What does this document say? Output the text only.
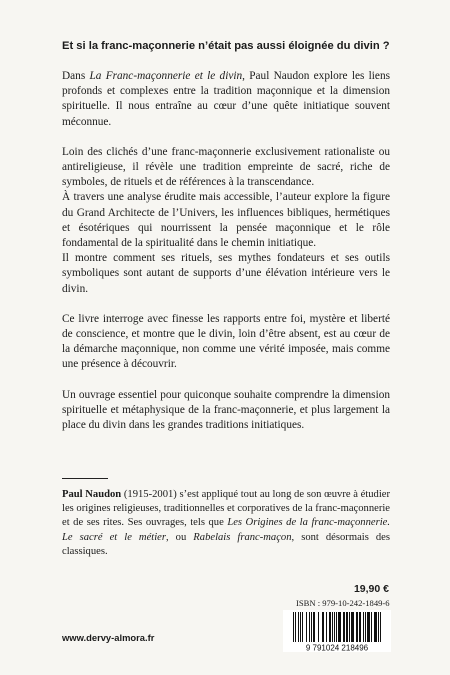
Et si la franc-maçonnerie n’était pas aussi éloignée du divin ?

Dans La Franc-maçonnerie et le divin, Paul Naudon explore les liens profonds et complexes entre la tradition maçonnique et la dimension spirituelle. Il nous entraîne au cœur d’une quête initiatique souvent méconnue.

Loin des clichés d’une franc-maçonnerie exclusivement rationaliste ou antireligieuse, il révèle une tradition empreinte de sacré, riche de symboles, de rituels et de références à la transcendance.

À travers une analyse érudite mais accessible, l’auteur explore la figure du Grand Architecte de l’Univers, les influences bibliques, hermétiques et ésotériques qui nourrissent la pensée maçonnique et le rôle fondamental de la spiritualité dans le chemin initiatique.

Il montre comment ses rituels, ses mythes fondateurs et ses outils symboliques sont autant de supports d’une élévation intérieure vers le divin.

Ce livre interroge avec finesse les rapports entre foi, mystère et liberté de conscience, et montre que le divin, loin d’être absent, est au cœur de la démarche maçonnique, non comme une vérité imposée, mais comme une présence à découvrir.

Un ouvrage essentiel pour quiconque souhaite comprendre la dimension spirituelle et métaphysique de la franc-maçonnerie, et plus largement la place du divin dans les grandes traditions initiatiques.

Paul Naudon (1915-2001) s’est appliqué tout au long de son œuvre à étudier les origines religieuses, traditionnelles et corporatives de la franc-maçonnerie et de ses rites. Ses ouvrages, tels que Les Origines de la franc-maçonnerie. Le sacré et le métier, ou Rabelais franc-maçon, sont désormais des classiques.

19,90 €
ISBN : 979-10-242-1849-6
9 791024 218496
www.dervy-almora.fr
